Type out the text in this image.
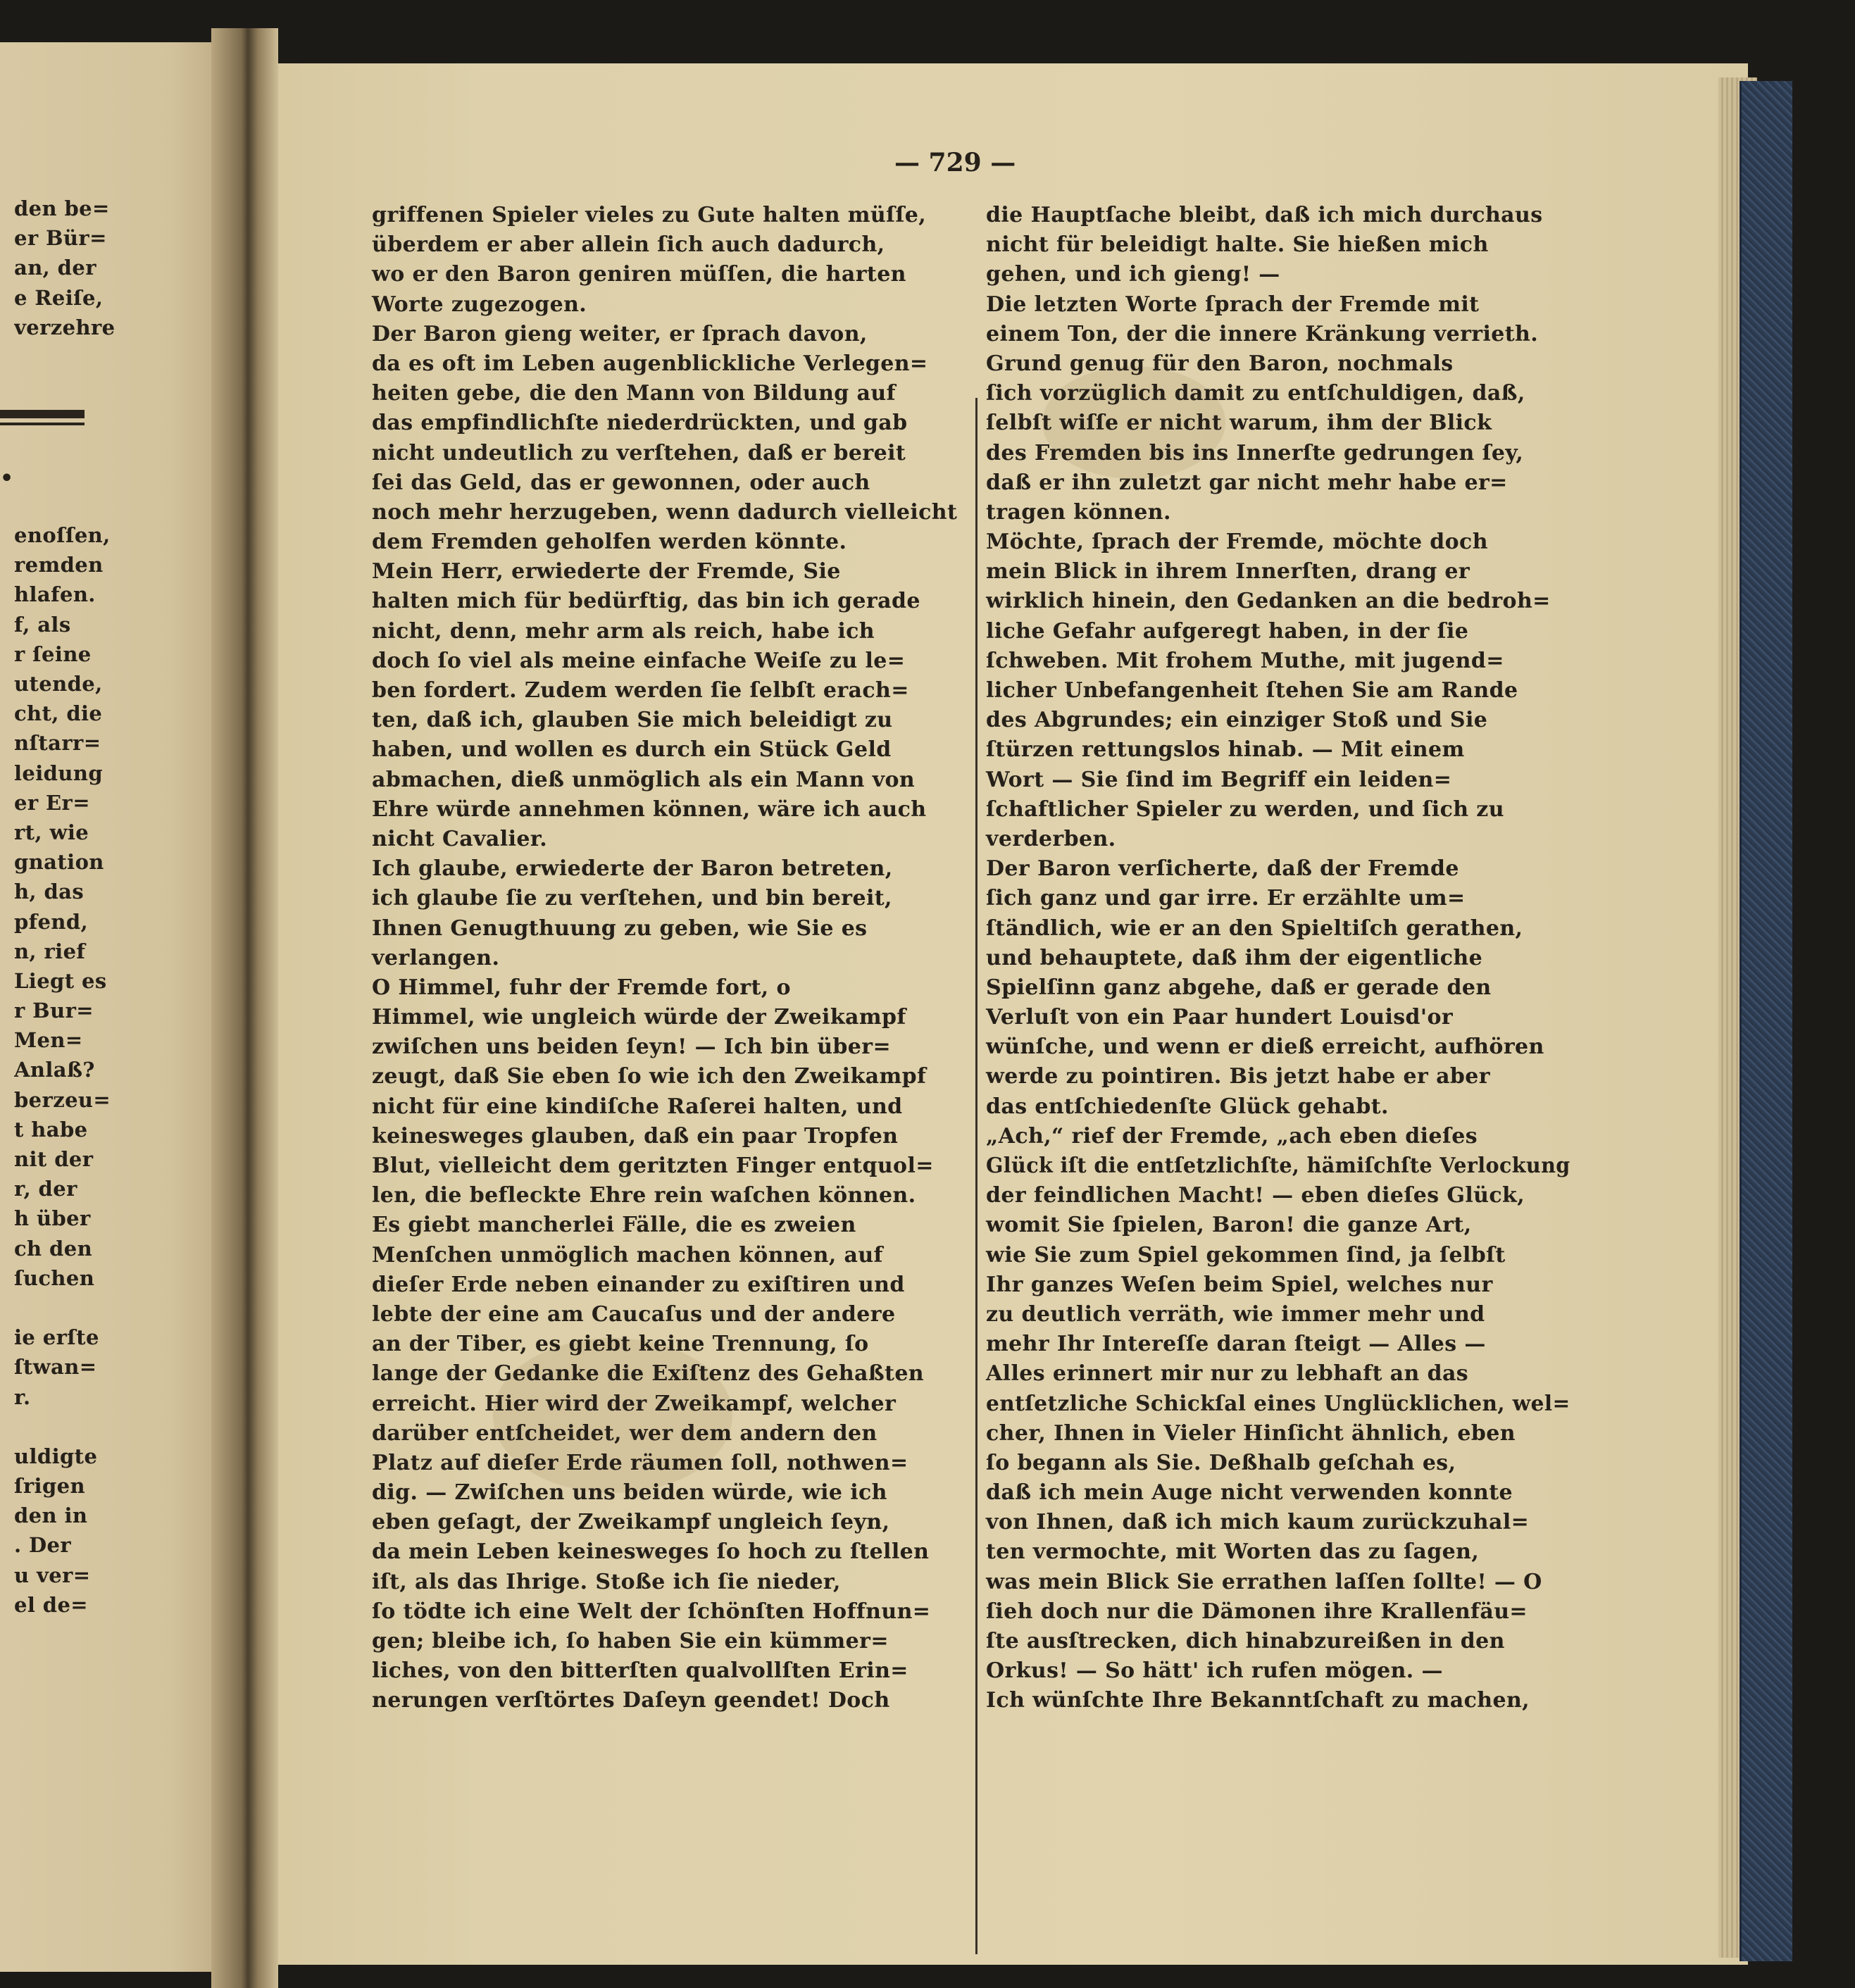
•
— 729 —
den be=
er Bür=
an, der
e Reiſe,
verzehre
enoſſen,
remden
hlafen.
f, als
r ſeine
utende,
cht, die
nſtarr=
leidung
er Er=
rt, wie
gnation
h, das
pfend,
n, rief
Liegt es
r Bur=
Men=
Anlaß?
berzeu=
t habe
nit der
r, der
h über
ch den
ſuchen
ie erſte
ſtwan=
r.
uldigte
ſrigen
den in
. Der
u ver=
el de=
griffenen Spieler vieles zu Gute halten müſſe,
überdem er aber allein ſich auch dadurch,
wo er den Baron geniren müſſen, die harten
Worte zugezogen.
Der Baron gieng weiter, er ſprach davon,
da es oft im Leben augenblickliche Verlegen=
heiten gebe, die den Mann von Bildung auf
das empfindlichſte niederdrückten, und gab
nicht undeutlich zu verſtehen, daß er bereit
ſei das Geld, das er gewonnen, oder auch
noch mehr herzugeben, wenn dadurch vielleicht
dem Fremden geholfen werden könnte.
Mein Herr, erwiederte der Fremde, Sie
halten mich für bedürftig, das bin ich gerade
nicht, denn, mehr arm als reich, habe ich
doch ſo viel als meine einfache Weiſe zu le=
ben fordert. Zudem werden ſie ſelbſt erach=
ten, daß ich, glauben Sie mich beleidigt zu
haben, und wollen es durch ein Stück Geld
abmachen, dieß unmöglich als ein Mann von
Ehre würde annehmen können, wäre ich auch
nicht Cavalier.
Ich glaube, erwiederte der Baron betreten,
ich glaube ſie zu verſtehen, und bin bereit,
Ihnen Genugthuung zu geben, wie Sie es
verlangen.
O Himmel, fuhr der Fremde fort, o
Himmel, wie ungleich würde der Zweikampf
zwiſchen uns beiden ſeyn! — Ich bin über=
zeugt, daß Sie eben ſo wie ich den Zweikampf
nicht für eine kindiſche Raſerei halten, und
keinesweges glauben, daß ein paar Tropfen
Blut, vielleicht dem geritzten Finger entquol=
len, die befleckte Ehre rein waſchen können.
Es giebt mancherlei Fälle, die es zweien
Menſchen unmöglich machen können, auf
dieſer Erde neben einander zu exiſtiren und
lebte der eine am Caucaſus und der andere
an der Tiber, es giebt keine Trennung, ſo
lange der Gedanke die Exiſtenz des Gehaßten
erreicht. Hier wird der Zweikampf, welcher
darüber entſcheidet, wer dem andern den
Platz auf dieſer Erde räumen ſoll, nothwen=
dig. — Zwiſchen uns beiden würde, wie ich
eben geſagt, der Zweikampf ungleich ſeyn,
da mein Leben keinesweges ſo hoch zu ſtellen
iſt, als das Ihrige. Stoße ich ſie nieder,
ſo tödte ich eine Welt der ſchönſten Hoffnun=
gen; bleibe ich, ſo haben Sie ein kümmer=
liches, von den bitterſten qualvollſten Erin=
nerungen verſtörtes Daſeyn geendet! Doch
die Hauptſache bleibt, daß ich mich durchaus
nicht für beleidigt halte. Sie hießen mich
gehen, und ich gieng! —
Die letzten Worte ſprach der Fremde mit
einem Ton, der die innere Kränkung verrieth.
Grund genug für den Baron, nochmals
ſich vorzüglich damit zu entſchuldigen, daß,
ſelbſt wiſſe er nicht warum, ihm der Blick
des Fremden bis ins Innerſte gedrungen ſey,
daß er ihn zuletzt gar nicht mehr habe er=
tragen können.
Möchte, ſprach der Fremde, möchte doch
mein Blick in ihrem Innerſten, drang er
wirklich hinein, den Gedanken an die bedroh=
liche Gefahr aufgeregt haben, in der ſie
ſchweben. Mit frohem Muthe, mit jugend=
licher Unbefangenheit ſtehen Sie am Rande
des Abgrundes; ein einziger Stoß und Sie
ſtürzen rettungslos hinab. — Mit einem
Wort — Sie ſind im Begriff ein leiden=
ſchaftlicher Spieler zu werden, und ſich zu
verderben.
Der Baron verſicherte, daß der Fremde
ſich ganz und gar irre. Er erzählte um=
ſtändlich, wie er an den Spieltiſch gerathen,
und behauptete, daß ihm der eigentliche
Spielſinn ganz abgehe, daß er gerade den
Verluſt von ein Paar hundert Louisd'or
wünſche, und wenn er dieß erreicht, aufhören
werde zu pointiren. Bis jetzt habe er aber
das entſchiedenſte Glück gehabt.
„Ach,“ rief der Fremde, „ach eben dieſes
Glück iſt die entſetzlichſte, hämiſchſte Verlockung
der feindlichen Macht! — eben dieſes Glück,
womit Sie ſpielen, Baron! die ganze Art,
wie Sie zum Spiel gekommen ſind, ja ſelbſt
Ihr ganzes Weſen beim Spiel, welches nur
zu deutlich verräth, wie immer mehr und
mehr Ihr Intereſſe daran ſteigt — Alles —
Alles erinnert mir nur zu lebhaft an das
entſetzliche Schickſal eines Unglücklichen, wel=
cher, Ihnen in Vieler Hinſicht ähnlich, eben
ſo begann als Sie. Deßhalb geſchah es,
daß ich mein Auge nicht verwenden konnte
von Ihnen, daß ich mich kaum zurückzuhal=
ten vermochte, mit Worten das zu ſagen,
was mein Blick Sie errathen laſſen ſollte! — O
ſieh doch nur die Dämonen ihre Krallenfäu=
ſte ausſtrecken, dich hinabzureißen in den
Orkus! — So hätt' ich rufen mögen. —
Ich wünſchte Ihre Bekanntſchaft zu machen,
